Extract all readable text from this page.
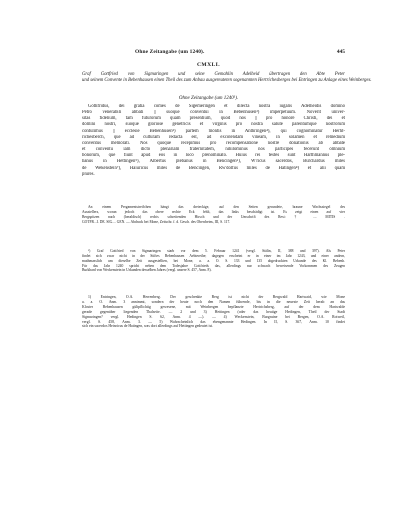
Ohne Zeitangabe (um 1240).	445
CMXLI.
Graf Gottfried von Sigmaringen und seine Gemahlin Adelheid übertragen den Abte Peter
und seinem Convente in Bebenhausen einen Theil des zum Anbau ausgereuteten sogenannten Hertrichesberges bei Entringen zu Anlage eines Weinberges.
Ohne Zeitangabe (um 1240¹).
Gothfridus, dei gratia comes de Sigemeringen et dilecta nostra iugalis Adelheidis domino
Petro venerabili abbati || suoque conventui in Bebenhusen²) imperpetuum. Noverit univer-
sitas fidelium, tam futurorum quam presentium, quod nos || pro honore Christi, dei et
domini nostri, suoque gloriose genetricis et virginis pro nostra salute parentumque nostrorum
contulimus || ecclesie Bebenhusen³) partem montis in Anthringen⁴), qui cognominatur Herht-
richesberch, que ad culturam redacta est, ad excolendam vineam, in solamen et remedium
conventus memorati. Nos quoque recepimus pro recompensatione nostre donationis ab abbate
et conventu iam dicto plenariam fraternitatem, nihilominus nos participes fecerunt omnium
bonorum, que fiunt apud eos in loco prenominato. Huius rei testes sunt Harthmannus ple-
banus in Hettingen⁵), Albertus plebanus in Bencingen⁶), W'ricus sacerdos, Burchardus miles
de Wekenstein⁷), Haiuricus miles de Bencingen, Rw'dolfus miles de Hatingen⁸) et alii quam
plures.
An einem Pergamentstreifchen hängt das dreieckige, auf den Seiten gerundete, braune Wachssiegel des
Ausstellers, woran jedoch das obere rechte Eck fehlt, das links beschädigt ist. Es zeigt einen auf vier
Bergspitzen nach (heraldisch) rechts schreitenden Hirsch und der Umschrift des Rest: † .... MITIS .
GOTFR...I. DE. SIG.... GEN. — Abdruck bei Mone, Zeitschr. f. d. Gesch. des Oberrheins, III, S. 117.
¹) Graf Gottfried von Sigmaringen starb vor dem 5. Februar 1241 (vergl. Stälin, II, 388 und 397). Als Peter
findet sich zwar nicht in der Stiftes Bebenhausen Aebtereihe; dagegen erscheint er in einer im Jahr 1243, und einer andern,
muthmasslich um dieselbe Zeit ausgestellten, bei Mone, a. a. O. S. 133 und 135 abgedruckten Urkunde des Kl. Bebenh.
Für das Jahr 1240 spricht neben dem Todesjahre Gottfrieds das, allerdings nur schwach beweisende Vorkommen des Zeugen
Burkhard von Weckenstein in Urkunden desselben Jahres (vergl. unsere S. 457, Anm. 8).
1) Entringen, O.A. Herrenberg. Der geschenkte Berg ist nicht der Bergwald Hartwaid, wie Mone
a. a. O. Anm. 3 annimmt, sondern der heute noch den Namen führende, bis in die neueste Zeit herab an das
Kloster Bebenhausen gültpflichtig gewesene, mit Weinbergen bepflanzte Hertrichsberg, auf der dem Hartwalde
gerade gegenüber liegenden Thalseite. — 2 und 3) Hettingen (oder das heutige Hedingen, Theil der Stadt
Sigmaringen? vergl. Hedingen S. 62, Anm. 4 —). — 4) Weckenstein, Burgruine bei Bergen, O.A. Rotweil,
vergl. S. 458, Anm. 3. — 5) Wahrscheinlich das ebengenannte Hedingen. In II, S. 367, Anm. 10 findet
sich ein sacerdos Heinricus de Hatingen, was dort allerdings auf Hettingen gedeutet ist.
